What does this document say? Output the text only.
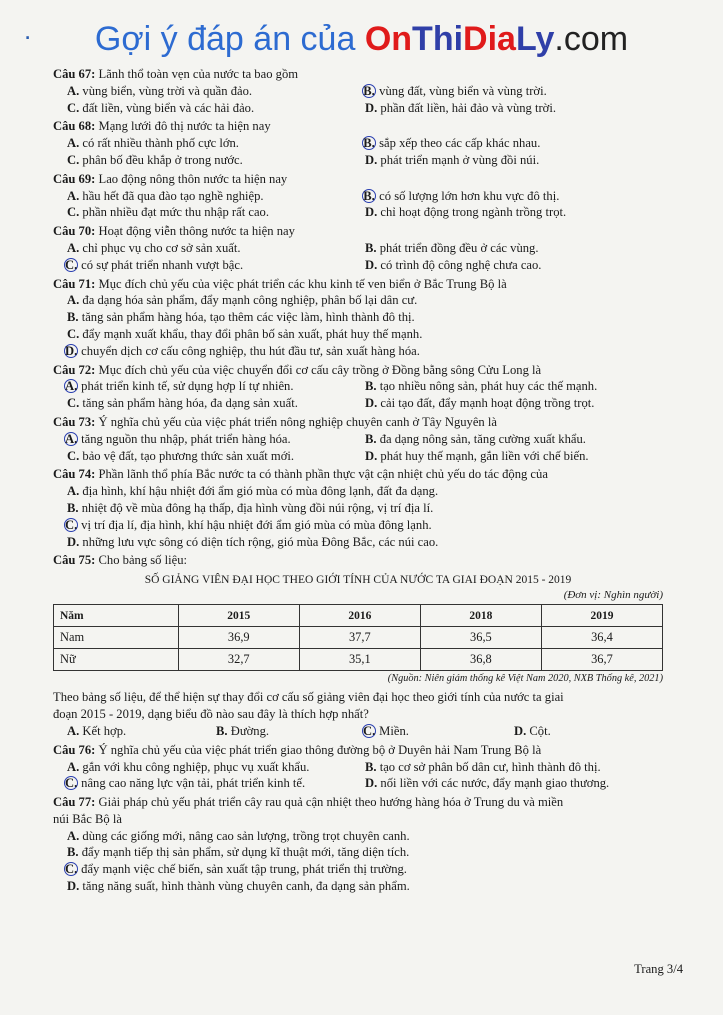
. Gợi ý đáp án của OnThiDiaLy.com
Câu 67: Lãnh thổ toàn vẹn của nước ta bao gồm
A. vùng biển, vùng trời và quần đảo.	B. vùng đất, vùng biển và vùng trời.
C. đất liền, vùng biển và các hải đảo.	D. phần đất liền, hải đảo và vùng trời.
Câu 68: Mạng lưới đô thị nước ta hiện nay
A. có rất nhiều thành phố cực lớn.	B. sắp xếp theo các cấp khác nhau.
C. phân bố đều khắp ở trong nước.	D. phát triển mạnh ở vùng đồi núi.
Câu 69: Lao động nông thôn nước ta hiện nay
A. hầu hết đã qua đào tạo nghề nghiệp.	B. có số lượng lớn hơn khu vực đô thị.
C. phần nhiều đạt mức thu nhập rất cao.	D. chỉ hoạt động trong ngành trồng trọt.
Câu 70: Hoạt động viễn thông nước ta hiện nay
A. chỉ phục vụ cho cơ sở sản xuất.	B. phát triển đồng đều ở các vùng.
C. có sự phát triển nhanh vượt bậc.	D. có trình độ công nghệ chưa cao.
Câu 71: Mục đích chủ yếu của việc phát triển các khu kinh tế ven biển ở Bắc Trung Bộ là
A. đa dạng hóa sản phẩm, đẩy mạnh công nghiệp, phân bố lại dân cư.
B. tăng sản phẩm hàng hóa, tạo thêm các việc làm, hình thành đô thị.
C. đẩy mạnh xuất khẩu, thay đổi phân bố sản xuất, phát huy thế mạnh.
D. chuyển dịch cơ cấu công nghiệp, thu hút đầu tư, sản xuất hàng hóa.
Câu 72: Mục đích chủ yếu của việc chuyển đổi cơ cấu cây trồng ở Đồng bằng sông Cửu Long là
A. phát triển kinh tế, sử dụng hợp lí tự nhiên.	B. tạo nhiều nông sản, phát huy các thế mạnh.
C. tăng sản phẩm hàng hóa, đa dạng sản xuất.	D. cải tạo đất, đẩy mạnh hoạt động trồng trọt.
Câu 73: Ý nghĩa chủ yếu của việc phát triển nông nghiệp chuyên canh ở Tây Nguyên là
A. tăng nguồn thu nhập, phát triển hàng hóa.	B. đa dạng nông sản, tăng cường xuất khẩu.
C. bảo vệ đất, tạo phương thức sản xuất mới.	D. phát huy thế mạnh, gắn liền với chế biến.
Câu 74: Phần lãnh thổ phía Bắc nước ta có thành phần thực vật cận nhiệt chủ yếu do tác động của
A. địa hình, khí hậu nhiệt đới ẩm gió mùa có mùa đông lạnh, đất đa dạng.
B. nhiệt độ về mùa đông hạ thấp, địa hình vùng đồi núi rộng, vị trí địa lí.
C. vị trí địa lí, địa hình, khí hậu nhiệt đới ẩm gió mùa có mùa đông lạnh.
D. những lưu vực sông có diện tích rộng, gió mùa Đông Bắc, các núi cao.
Câu 75: Cho bảng số liệu:
SỐ GIẢNG VIÊN ĐẠI HỌC THEO GIỚI TÍNH CỦA NƯỚC TA GIAI ĐOẠN 2015 - 2019
(Đơn vị: Nghìn người)
Năm	2015	2016	2018	2019
Nam	36,9	37,7	36,5	36,4
Nữ	32,7	35,1	36,8	36,7
(Nguồn: Niên giám thống kê Việt Nam 2020, NXB Thống kê, 2021)
Theo bảng số liệu, để thể hiện sự thay đổi cơ cấu số giảng viên đại học theo giới tính của nước ta giai
đoạn 2015 - 2019, dạng biểu đồ nào sau đây là thích hợp nhất?
A. Kết hợp.	B. Đường.	C. Miền.	D. Cột.
Câu 76: Ý nghĩa chủ yếu của việc phát triển giao thông đường bộ ở Duyên hải Nam Trung Bộ là
A. gắn với khu công nghiệp, phục vụ xuất khẩu.	B. tạo cơ sở phân bố dân cư, hình thành đô thị.
C. nâng cao năng lực vận tải, phát triển kinh tế.	D. nối liền với các nước, đẩy mạnh giao thương.
Câu 77: Giải pháp chủ yếu phát triển cây rau quả cận nhiệt theo hướng hàng hóa ở Trung du và miền
núi Bắc Bộ là
A. dùng các giống mới, nâng cao sản lượng, trồng trọt chuyên canh.
B. đẩy mạnh tiếp thị sản phẩm, sử dụng kĩ thuật mới, tăng diện tích.
C. đẩy mạnh việc chế biến, sản xuất tập trung, phát triển thị trường.
D. tăng năng suất, hình thành vùng chuyên canh, đa dạng sản phẩm.
Trang 3/4
